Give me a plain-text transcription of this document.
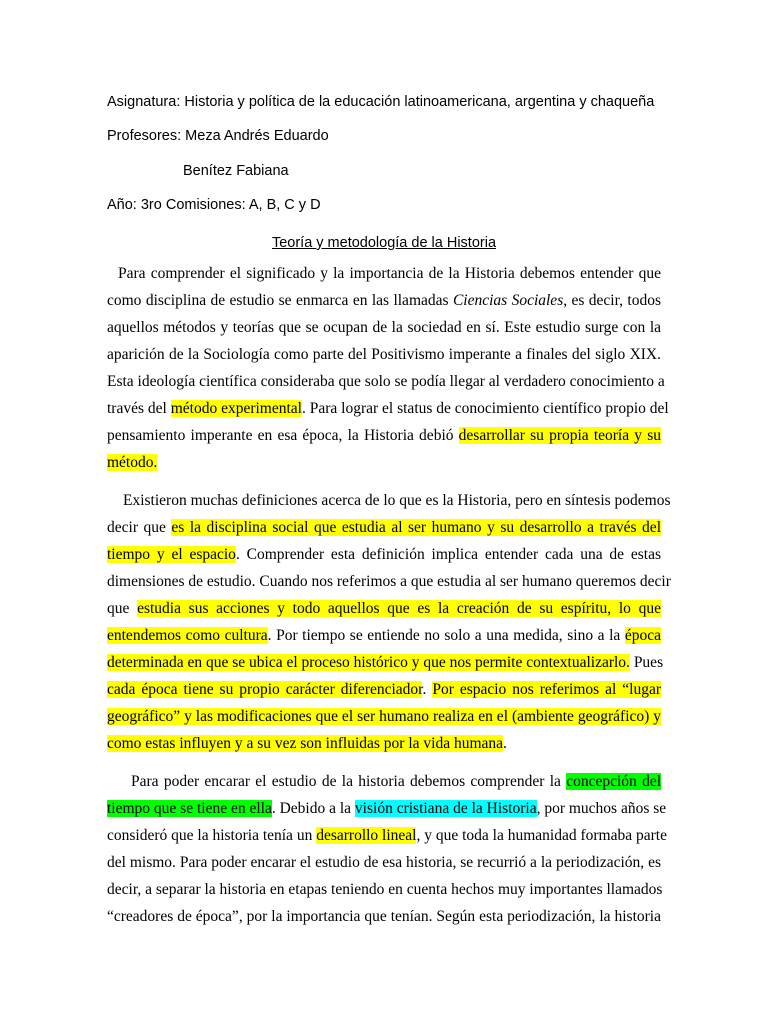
Asignatura: Historia y política de la educación latinoamericana, argentina y chaqueña
Profesores: Meza Andrés Eduardo
Benítez Fabiana
Año: 3ro Comisiones: A, B, C y D
Teoría y metodología de la Historia
Para comprender el significado y la importancia de la Historia debemos entender que
como disciplina de estudio se enmarca en las llamadas Ciencias Sociales, es decir, todos
aquellos métodos y teorías que se ocupan de la sociedad en sí. Este estudio surge con la
aparición de la Sociología como parte del Positivismo imperante a finales del siglo XIX.
Esta ideología científica consideraba que solo se podía llegar al verdadero conocimiento a
través del método experimental. Para lograr el status de conocimiento científico propio del
pensamiento imperante en esa época, la Historia debió desarrollar su propia teoría y su
método.
Existieron muchas definiciones acerca de lo que es la Historia, pero en síntesis podemos
decir que es la disciplina social que estudia al ser humano y su desarrollo a través del
tiempo y el espacio. Comprender esta definición implica entender cada una de estas
dimensiones de estudio. Cuando nos referimos a que estudia al ser humano queremos decir
que estudia sus acciones y todo aquellos que es la creación de su espíritu, lo que
entendemos como cultura. Por tiempo se entiende no solo a una medida, sino a la época
determinada en que se ubica el proceso histórico y que nos permite contextualizarlo. Pues
cada época tiene su propio carácter diferenciador. Por espacio nos referimos al “lugar
geográfico” y las modificaciones que el ser humano realiza en el (ambiente geográfico) y
como estas influyen y a su vez son influidas por la vida humana.
Para poder encarar el estudio de la historia debemos comprender la concepción del
tiempo que se tiene en ella. Debido a la visión cristiana de la Historia, por muchos años se
consideró que la historia tenía un desarrollo lineal, y que toda la humanidad formaba parte
del mismo. Para poder encarar el estudio de esa historia, se recurrió a la periodización, es
decir, a separar la historia en etapas teniendo en cuenta hechos muy importantes llamados
“creadores de época”, por la importancia que tenían. Según esta periodización, la historia
